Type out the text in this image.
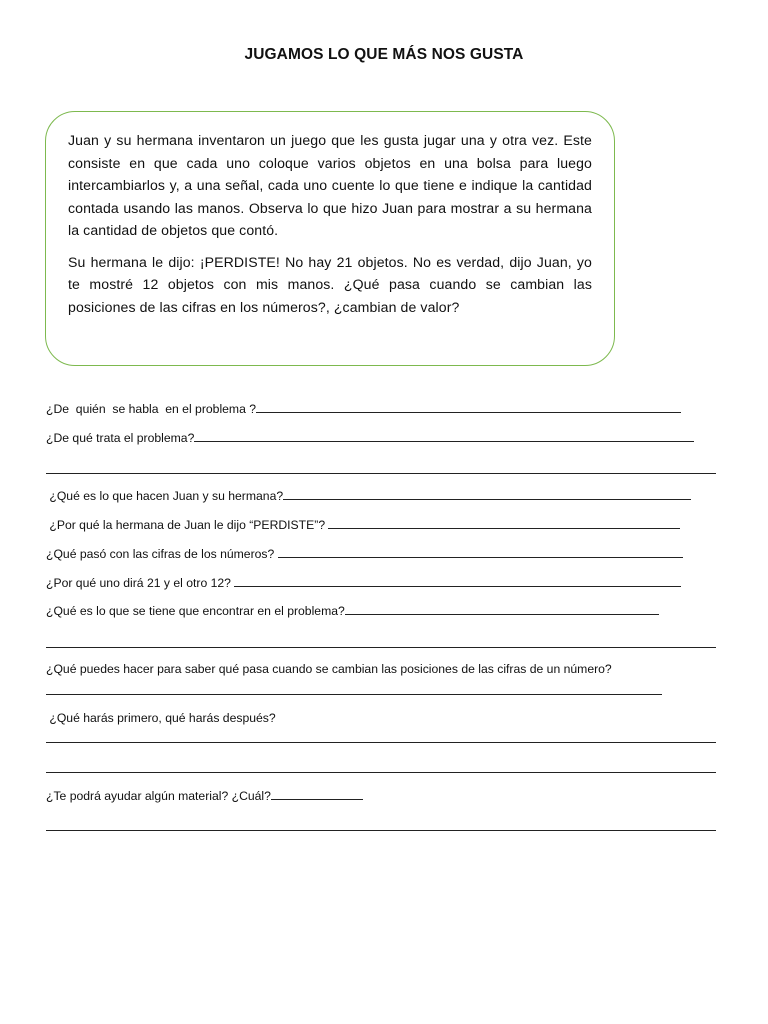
JUGAMOS LO QUE MÁS NOS GUSTA

Juan y su hermana inventaron un juego que les gusta jugar una y otra vez. Este consiste en que cada uno coloque varios objetos en una bolsa para luego intercambiarlos y, a una señal, cada uno cuente lo que tiene e indique la cantidad contada usando las manos. Observa lo que hizo Juan para mostrar a su hermana la cantidad de objetos que contó.

Su hermana le dijo: ¡PERDISTE! No hay 21 objetos. No es verdad, dijo Juan, yo te mostré 12 objetos con mis manos. ¿Qué pasa cuando se cambian las posiciones de las cifras en los números?, ¿cambian de valor?

¿De  quién  se habla  en el problema ?
¿De qué trata el problema?
¿Qué es lo que hacen Juan y su hermana?
¿Por qué la hermana de Juan le dijo “PERDISTE”?
¿Qué pasó con las cifras de los números?
¿Por qué uno dirá 21 y el otro 12?
¿Qué es lo que se tiene que encontrar en el problema?
¿Qué puedes hacer para saber qué pasa cuando se cambian las posiciones de las cifras de un número?
¿Qué harás primero, qué harás después?
¿Te podrá ayudar algún material? ¿Cuál?
